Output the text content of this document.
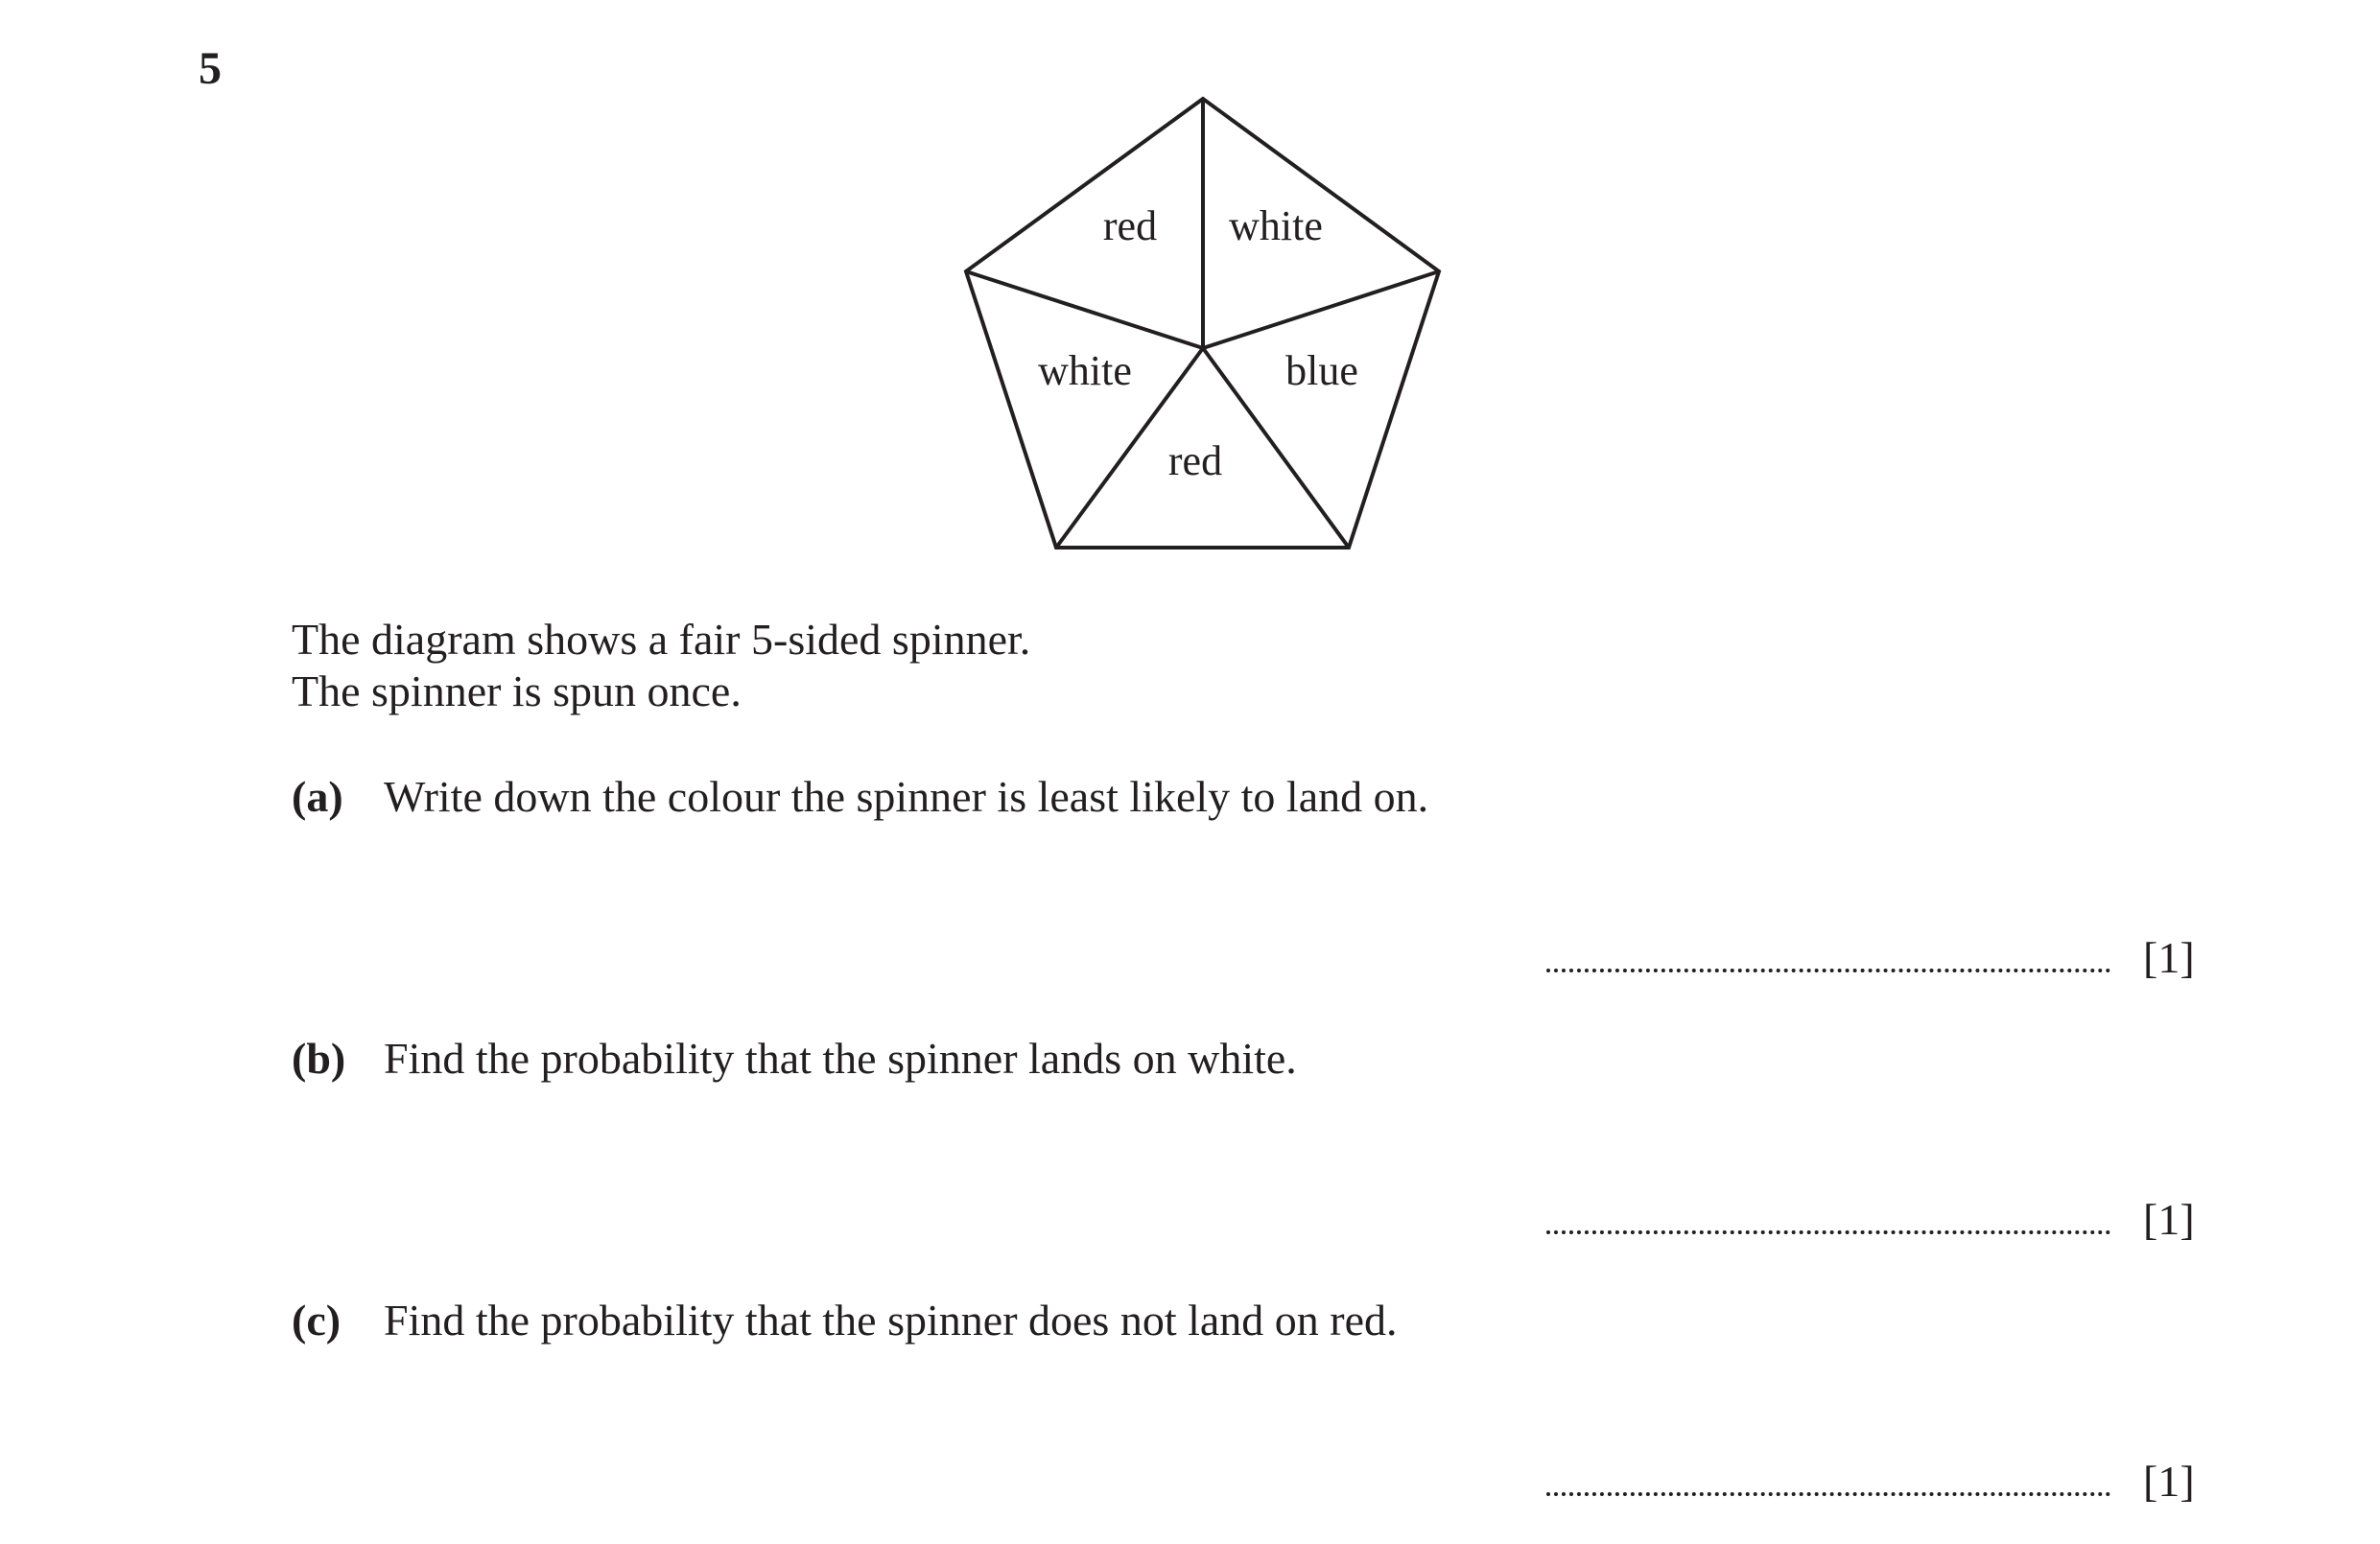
5
red white
blue
red
white
The diagram shows a fair 5-sided spinner.
The spinner is spun once.
(a) Write down the colour the spinner is least likely to land on.
[1]
(b) Find the probability that the spinner lands on white.
[1]
(c) Find the probability that the spinner does not land on red.
[1]
